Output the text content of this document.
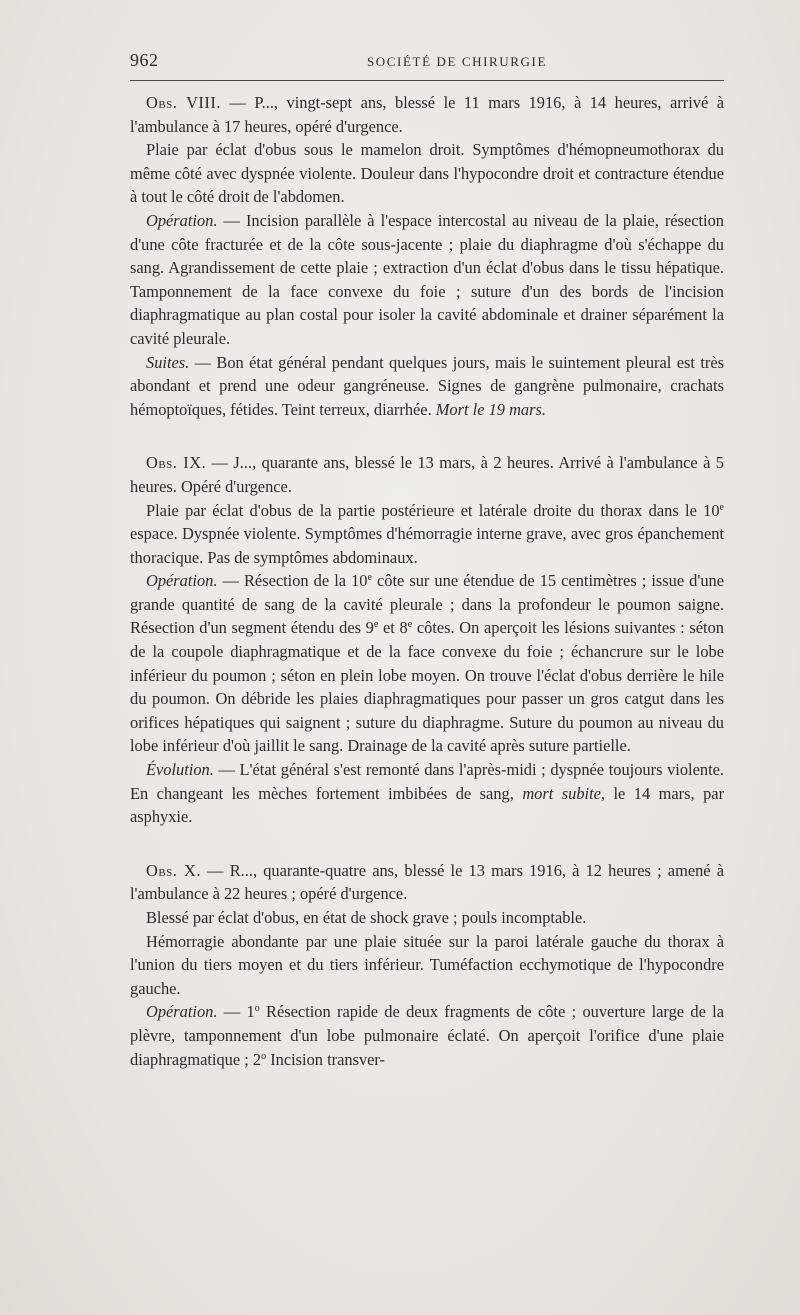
962	SOCIÉTÉ DE CHIRURGIE

Obs. VIII. — P..., vingt-sept ans, blessé le 11 mars 1916, à 14 heures, arrivé à l'ambulance à 17 heures, opéré d'urgence.

Plaie par éclat d'obus sous le mamelon droit. Symptômes d'hémopneumothorax du même côté avec dyspnée violente. Douleur dans l'hypocondre droit et contracture étendue à tout le côté droit de l'abdomen.

Opération. — Incision parallèle à l'espace intercostal au niveau de la plaie, résection d'une côte fracturée et de la côte sous-jacente ; plaie du diaphragme d'où s'échappe du sang. Agrandissement de cette plaie ; extraction d'un éclat d'obus dans le tissu hépatique. Tamponnement de la face convexe du foie ; suture d'un des bords de l'incision diaphragmatique au plan costal pour isoler la cavité abdominale et drainer séparément la cavité pleurale.

Suites. — Bon état général pendant quelques jours, mais le suintement pleural est très abondant et prend une odeur gangréneuse. Signes de gangrène pulmonaire, crachats hémoptoïques, fétides. Teint terreux, diarrhée. Mort le 19 mars.

Obs. IX. — J..., quarante ans, blessé le 13 mars, à 2 heures. Arrivé à l'ambulance à 5 heures. Opéré d'urgence.

Plaie par éclat d'obus de la partie postérieure et latérale droite du thorax dans le 10e espace. Dyspnée violente. Symptômes d'hémorragie interne grave, avec gros épanchement thoracique. Pas de symptômes abdominaux.

Opération. — Résection de la 10e côte sur une étendue de 15 centimètres ; issue d'une grande quantité de sang de la cavité pleurale ; dans la profondeur le poumon saigne. Résection d'un segment étendu des 9e et 8e côtes. On aperçoit les lésions suivantes : séton de la coupole diaphragmatique et de la face convexe du foie ; échancrure sur le lobe inférieur du poumon ; séton en plein lobe moyen. On trouve l'éclat d'obus derrière le hile du poumon. On débride les plaies diaphragmatiques pour passer un gros catgut dans les orifices hépatiques qui saignent ; suture du diaphragme. Suture du poumon au niveau du lobe inférieur d'où jaillit le sang. Drainage de la cavité après suture partielle.

Évolution. — L'état général s'est remonté dans l'après-midi ; dyspnée toujours violente. En changeant les mèches fortement imbibées de sang, mort subite, le 14 mars, par asphyxie.

Obs. X. — R..., quarante-quatre ans, blessé le 13 mars 1916, à 12 heures ; amené à l'ambulance à 22 heures ; opéré d'urgence.

Blessé par éclat d'obus, en état de shock grave ; pouls incomptable.

Hémorragie abondante par une plaie située sur la paroi latérale gauche du thorax à l'union du tiers moyen et du tiers inférieur. Tuméfaction ecchymotique de l'hypocondre gauche.

Opération. — 1$^o$ Résection rapide de deux fragments de côte ; ouverture large de la plèvre, tamponnement d'un lobe pulmonaire éclaté. On aperçoit l'orifice d'une plaie diaphragmatique ; 2$^o$ Incision transver-
